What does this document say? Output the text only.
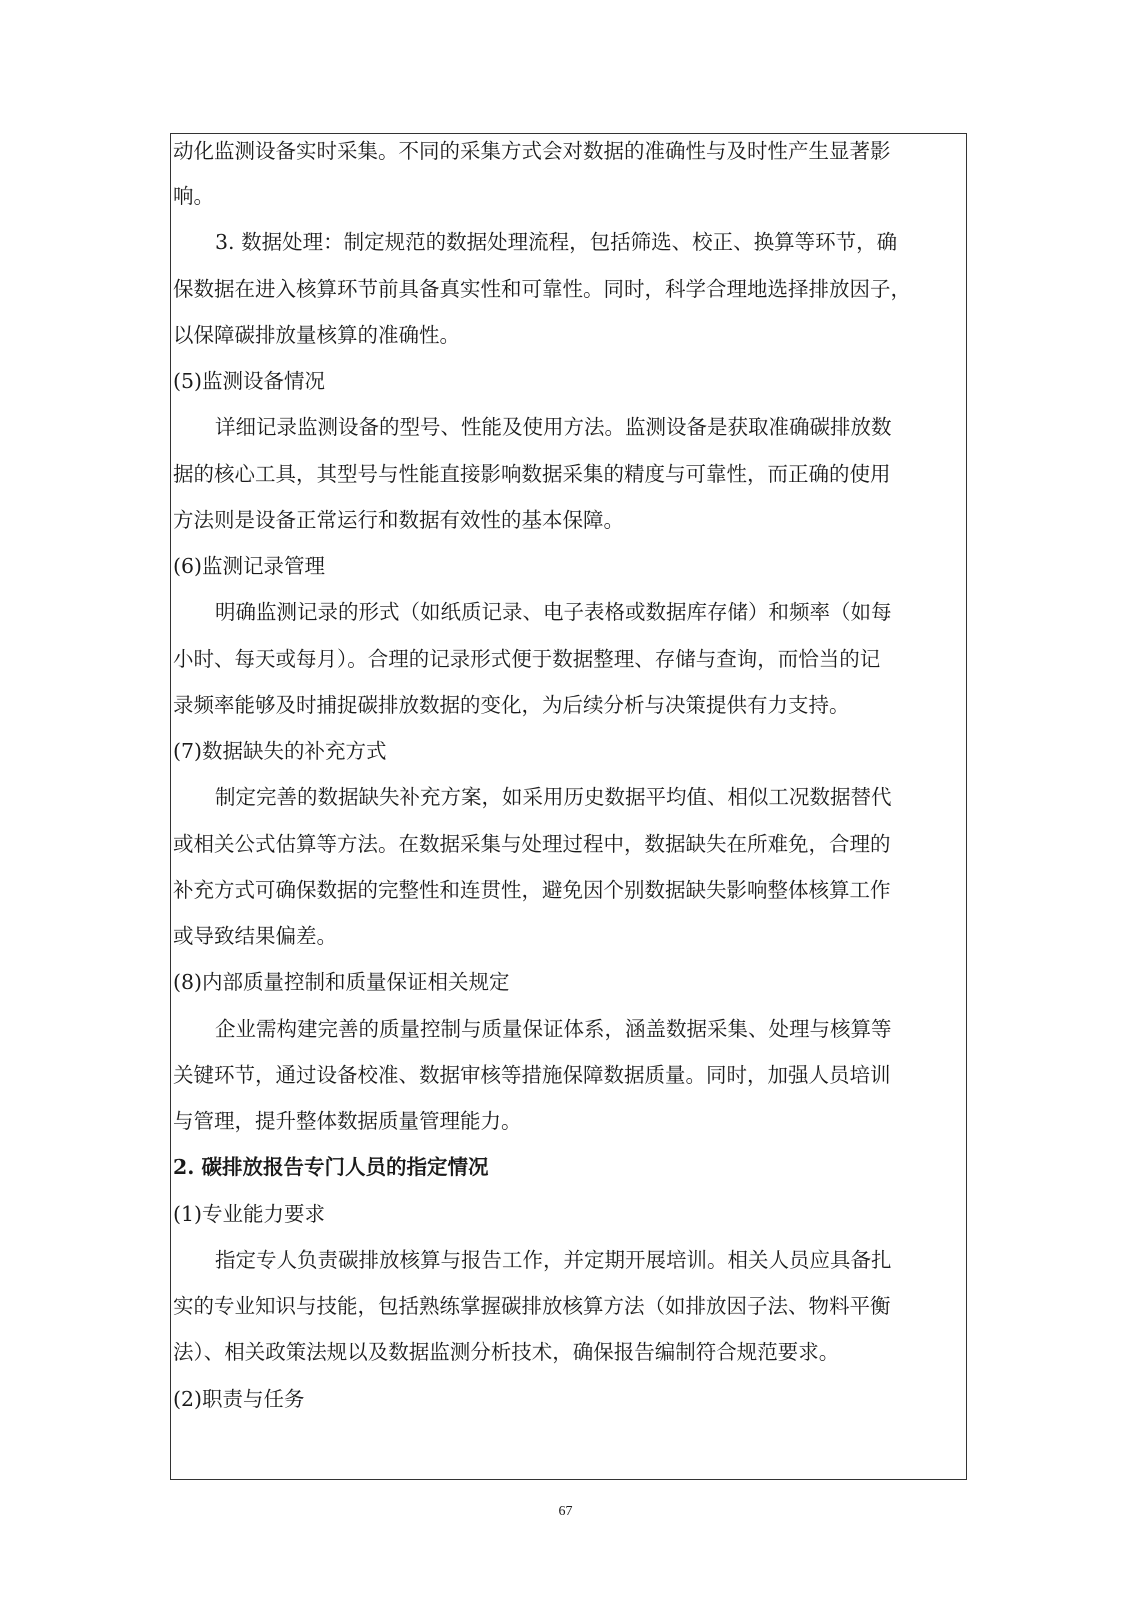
动化监测设备实时采集。不同的采集方式会对数据的准确性与及时性产生显著影
响。
3. 数据处理：制定规范的数据处理流程，包括筛选、校正、换算等环节，确
保数据在进入核算环节前具备真实性和可靠性。同时，科学合理地选择排放因子，
以保障碳排放量核算的准确性。
(5)监测设备情况
详细记录监测设备的型号、性能及使用方法。监测设备是获取准确碳排放数
据的核心工具，其型号与性能直接影响数据采集的精度与可靠性，而正确的使用
方法则是设备正常运行和数据有效性的基本保障。
(6)监测记录管理
明确监测记录的形式（如纸质记录、电子表格或数据库存储）和频率（如每
小时、每天或每月）。合理的记录形式便于数据整理、存储与查询，而恰当的记
录频率能够及时捕捉碳排放数据的变化，为后续分析与决策提供有力支持。
(7)数据缺失的补充方式
制定完善的数据缺失补充方案，如采用历史数据平均值、相似工况数据替代
或相关公式估算等方法。在数据采集与处理过程中，数据缺失在所难免，合理的
补充方式可确保数据的完整性和连贯性，避免因个别数据缺失影响整体核算工作
或导致结果偏差。
(8)内部质量控制和质量保证相关规定
企业需构建完善的质量控制与质量保证体系，涵盖数据采集、处理与核算等
关键环节，通过设备校准、数据审核等措施保障数据质量。同时，加强人员培训
与管理，提升整体数据质量管理能力。
2. 碳排放报告专门人员的指定情况
(1)专业能力要求
指定专人负责碳排放核算与报告工作，并定期开展培训。相关人员应具备扎
实的专业知识与技能，包括熟练掌握碳排放核算方法（如排放因子法、物料平衡
法）、相关政策法规以及数据监测分析技术，确保报告编制符合规范要求。
(2)职责与任务
67
